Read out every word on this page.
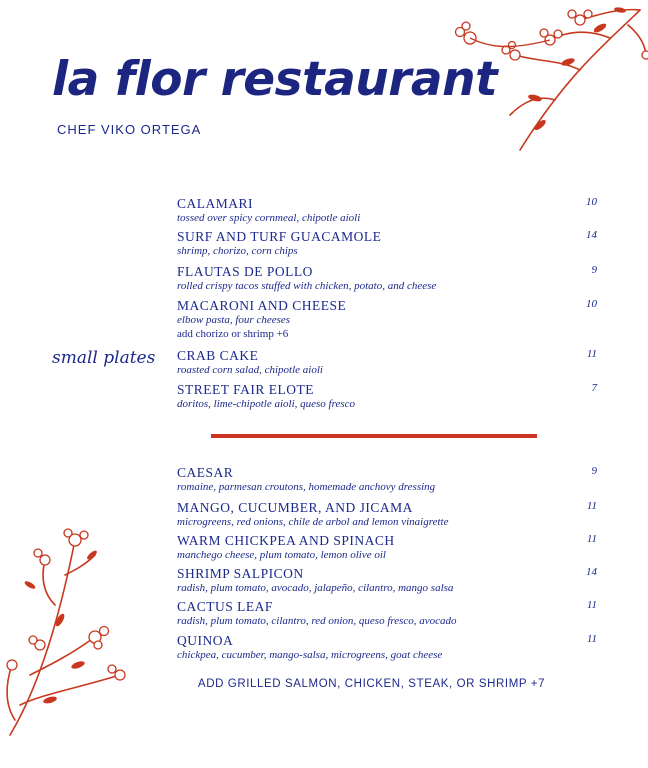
la flor restaurant
CHEF VIKO ORTEGA
small plates
CALAMARI
tossed over spicy cornmeal, chipotle aioli
10
SURF AND TURF GUACAMOLE
shrimp, chorizo, corn chips
14
FLAUTAS DE POLLO
rolled crispy tacos stuffed with chicken, potato, and cheese
9
MACARONI AND CHEESE
elbow pasta, four cheeses
add chorizo or shrimp +6
10
CRAB CAKE
roasted corn salad, chipotle aioli
11
STREET FAIR ELOTE
doritos, lime-chipotle aioli, queso fresco
7
CAESAR
romaine, parmesan croutons, homemade anchovy dressing
9
MANGO, CUCUMBER, AND JICAMA
microgreens, red onions, chile de arbol and lemon vinaigrette
11
WARM CHICKPEA AND SPINACH
manchego cheese, plum tomato, lemon olive oil
11
SHRIMP SALPICON
radish, plum tomato, avocado, jalapeño, cilantro, mango salsa
14
CACTUS LEAF
radish, plum tomato, cilantro, red onion, queso fresco, avocado
11
QUINOA
chickpea, cucumber, mango-salsa, microgreens, goat cheese
11
ADD GRILLED SALMON, CHICKEN, STEAK, OR SHRIMP +7
